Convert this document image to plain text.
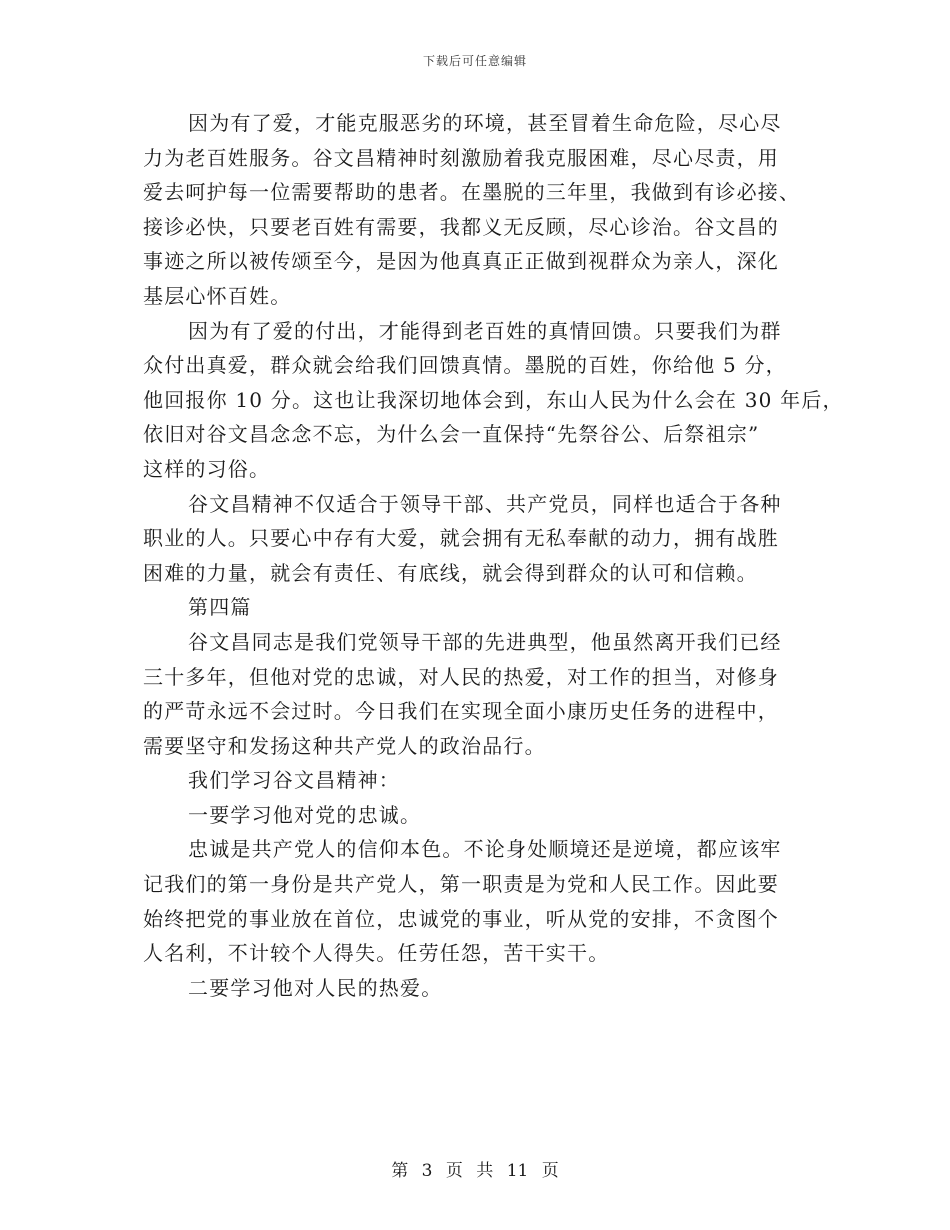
下载后可任意编辑
因为有了爱，才能克服恶劣的环境，甚至冒着生命危险，尽心尽
力为老百姓服务。谷文昌精神时刻激励着我克服困难，尽心尽责，用
爱去呵护每一位需要帮助的患者。在墨脱的三年里，我做到有诊必接、
接诊必快，只要老百姓有需要，我都义无反顾，尽心诊治。谷文昌的
事迹之所以被传颂至今，是因为他真真正正做到视群众为亲人，深化
基层心怀百姓。
因为有了爱的付出，才能得到老百姓的真情回馈。只要我们为群
众付出真爱，群众就会给我们回馈真情。墨脱的百姓，你给他 5 分，
他回报你 10 分。这也让我深切地体会到，东山人民为什么会在 30 年后，
依旧对谷文昌念念不忘，为什么会一直保持“先祭谷公、后祭祖宗”
这样的习俗。
谷文昌精神不仅适合于领导干部、共产党员，同样也适合于各种
职业的人。只要心中存有大爱，就会拥有无私奉献的动力，拥有战胜
困难的力量，就会有责任、有底线，就会得到群众的认可和信赖。
第四篇
谷文昌同志是我们党领导干部的先进典型，他虽然离开我们已经
三十多年，但他对党的忠诚，对人民的热爱，对工作的担当，对修身
的严苛永远不会过时。今日我们在实现全面小康历史任务的进程中，
需要坚守和发扬这种共产党人的政治品行。
我们学习谷文昌精神：
一要学习他对党的忠诚。
忠诚是共产党人的信仰本色。不论身处顺境还是逆境，都应该牢
记我们的第一身份是共产党人，第一职责是为党和人民工作。因此要
始终把党的事业放在首位，忠诚党的事业，听从党的安排，不贪图个
人名利，不计较个人得失。任劳任怨，苦干实干。
二要学习他对人民的热爱。
第 3 页 共 11 页
